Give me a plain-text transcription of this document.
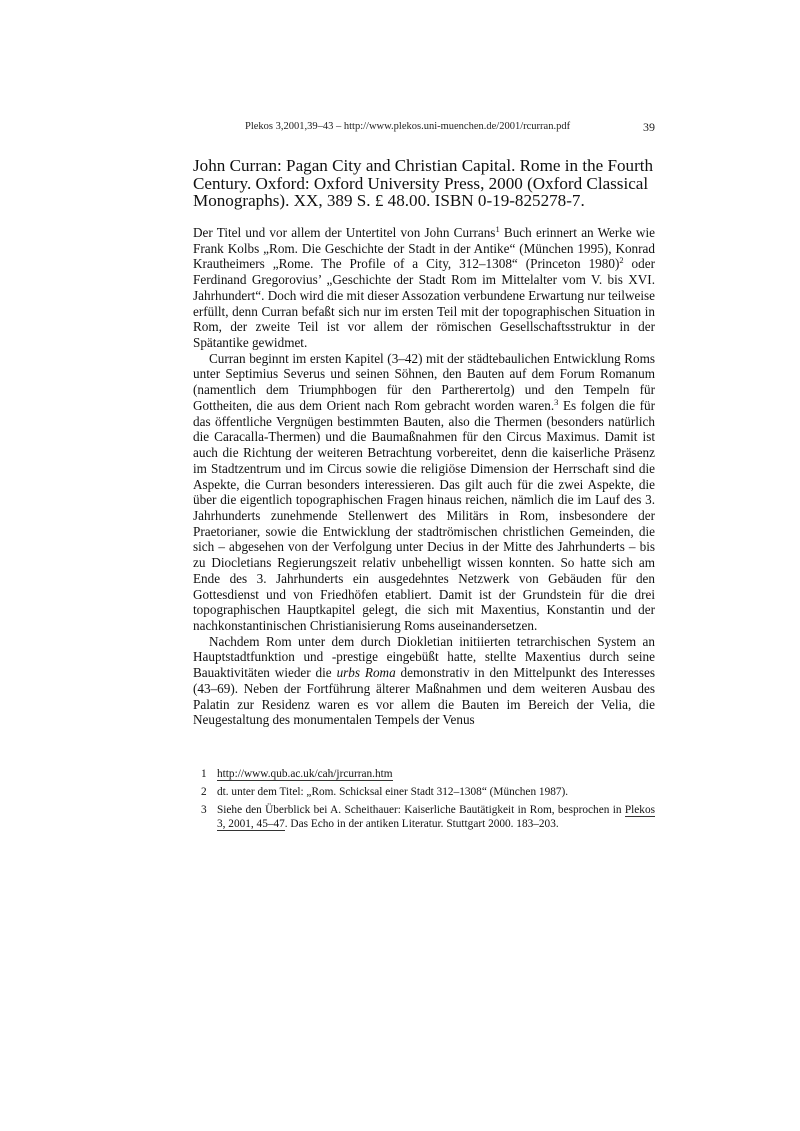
Plekos 3,2001,39–43 – http://www.plekos.uni-muenchen.de/2001/rcurran.pdf	39
John Curran: Pagan City and Christian Capital. Rome in the Fourth Century. Oxford: Oxford University Press, 2000 (Oxford Classical Monographs). XX, 389 S. £ 48.00. ISBN 0-19-825278-7.

Der Titel und vor allem der Untertitel von John Currans$^1$ Buch erinnert an Werke wie Frank Kolbs „Rom. Die Geschichte der Stadt in der Antike“ (München 1995), Konrad Krautheimers „Rome. The Profile of a City, 312–1308“ (Princeton 1980)$^2$ oder Ferdinand Gregorovius’ „Geschichte der Stadt Rom im Mittelalter vom V. bis XVI. Jahrhundert“. Doch wird die mit dieser Assozation verbundene Erwartung nur teilweise erfüllt, denn Curran befaßt sich nur im ersten Teil mit der topographischen Situation in Rom, der zweite Teil ist vor allem der römischen Gesellschaftsstruktur in der Spätantike gewidmet.

Curran beginnt im ersten Kapitel (3–42) mit der städtebaulichen Entwicklung Roms unter Septimius Severus und seinen Söhnen, den Bauten auf dem Forum Romanum (namentlich dem Triumphbogen für den Partherertolg) und den Tempeln für Gottheiten, die aus dem Orient nach Rom gebracht worden waren.$^3$ Es folgen die für das öffentliche Vergnügen bestimmten Bauten, also die Thermen (besonders natürlich die Caracalla-Thermen) und die Baumaßnahmen für den Circus Maximus. Damit ist auch die Richtung der weiteren Betrachtung vorbereitet, denn die kaiserliche Präsenz im Stadtzentrum und im Circus sowie die religiöse Dimension der Herrschaft sind die Aspekte, die Curran besonders interessieren. Das gilt auch für die zwei Aspekte, die über die eigentlich topographischen Fragen hinaus reichen, nämlich die im Lauf des 3. Jahrhunderts zunehmende Stellenwert des Militärs in Rom, insbesondere der Praetorianer, sowie die Entwicklung der stadtrömischen christlichen Gemeinden, die sich – abgesehen von der Verfolgung unter Decius in der Mitte des Jahrhunderts – bis zu Diocletians Regierungszeit relativ unbehelligt wissen konnten. So hatte sich am Ende des 3. Jahrhunderts ein ausgedehntes Netzwerk von Gebäuden für den Gottesdienst und von Friedhöfen etabliert. Damit ist der Grundstein für die drei topographischen Hauptkapitel gelegt, die sich mit Maxentius, Konstantin und der nachkonstantinischen Christianisierung Roms auseinandersetzen.

Nachdem Rom unter dem durch Diokletian initiierten tetrarchischen System an Hauptstadtfunktion und -prestige eingebüßt hatte, stellte Maxentius durch seine Bauaktivitäten wieder die urbs Roma demonstrativ in den Mittelpunkt des Interesses (43–69). Neben der Fortführung älterer Maßnahmen und dem weiteren Ausbau des Palatin zur Residenz waren es vor allem die Bauten im Bereich der Velia, die Neugestaltung des monumentalen Tempels der Venus

1 http://www.qub.ac.uk/cah/jrcurran.htm
2 dt. unter dem Titel: „Rom. Schicksal einer Stadt 312–1308“ (München 1987).
3 Siehe den Überblick bei A. Scheithauer: Kaiserliche Bautätigkeit in Rom, besprochen in Plekos 3, 2001, 45–47. Das Echo in der antiken Literatur. Stuttgart 2000. 183–203.
